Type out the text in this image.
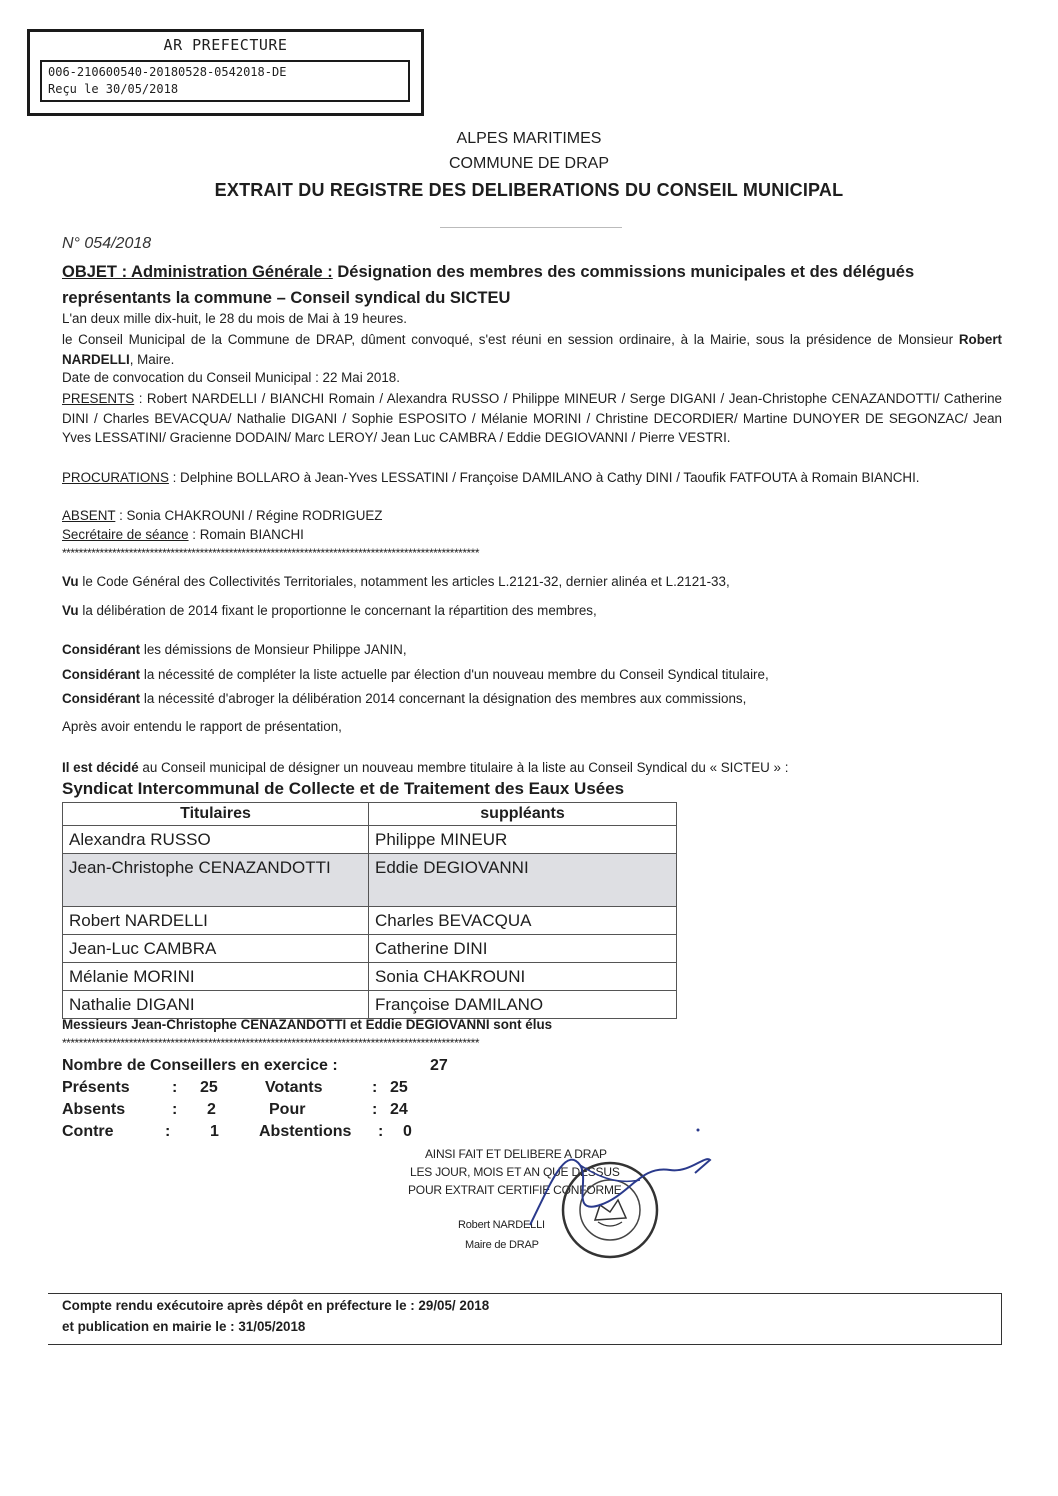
AR PREFECTURE
006-210600540-20180528-0542018-DE
Reçu le 30/05/2018
ALPES MARITIMES
COMMUNE DE DRAP
EXTRAIT DU REGISTRE DES DELIBERATIONS DU CONSEIL MUNICIPAL
N° 054/2018
OBJET : Administration Générale : Désignation des membres des commissions municipales et des délégués représentants la commune – Conseil syndical du SICTEU
L'an deux mille dix-huit, le 28 du mois de Mai à 19 heures.
le Conseil Municipal de la Commune de DRAP, dûment convoqué, s'est réuni en session ordinaire, à la Mairie, sous la présidence de Monsieur Robert NARDELLI, Maire.
Date de convocation du Conseil Municipal : 22 Mai 2018.
PRESENTS : Robert NARDELLI / BIANCHI Romain / Alexandra RUSSO / Philippe MINEUR / Serge DIGANI / Jean-Christophe CENAZANDOTTI/ Catherine DINI / Charles BEVACQUA/ Nathalie DIGANI / Sophie ESPOSITO / Mélanie MORINI / Christine DECORDIER/ Martine DUNOYER DE SEGONZAC/ Jean Yves LESSATINI/ Gracienne DODAIN/ Marc LEROY/ Jean Luc CAMBRA / Eddie DEGIOVANNI / Pierre VESTRI.
PROCURATIONS : Delphine BOLLARO à Jean-Yves LESSATINI / Françoise DAMILANO à Cathy DINI / Taoufik FATFOUTA à Romain BIANCHI.
ABSENT : Sonia CHAKROUNI / Régine RODRIGUEZ
Secrétaire de séance : Romain BIANCHI
****************************************************************************************************
Vu le Code Général des Collectivités Territoriales, notamment les articles L.2121-32, dernier alinéa et L.2121-33,
Vu la délibération de 2014 fixant le proportionne le concernant la répartition des membres,
Considérant les démissions de Monsieur Philippe JANIN,
Considérant la nécessité de compléter la liste actuelle par élection d'un nouveau membre du Conseil Syndical titulaire,
Considérant la nécessité d'abroger la délibération 2014 concernant la désignation des membres aux commissions,
Après avoir entendu le rapport de présentation,
Il est décidé au Conseil municipal de désigner un nouveau membre titulaire à la liste au Conseil Syndical du « SICTEU » :
Syndicat Intercommunal de Collecte et de Traitement des Eaux Usées
Titulaires	suppléants
Alexandra RUSSO	Philippe MINEUR
Jean-Christophe CENAZANDOTTI	Eddie DEGIOVANNI
Robert NARDELLI	Charles BEVACQUA
Jean-Luc CAMBRA	Catherine DINI
Mélanie MORINI	Sonia CHAKROUNI
Nathalie DIGANI	Françoise DAMILANO
Messieurs Jean-Christophe CENAZANDOTTI et Eddie DEGIOVANNI sont élus
****************************************************************************************************
Nombre de Conseillers en exercice :	27
Présents	: 25	Votants	: 25
Absents	: 2	Pour	: 24
Contre	: 1	Abstentions : 0
AINSI FAIT ET DELIBERE A DRAP
LES JOUR, MOIS ET AN QUE DESSUS
POUR EXTRAIT CERTIFIE CONFORME
Robert NARDELLI
Maire de DRAP
Compte rendu exécutoire après dépôt en préfecture le : 29/05/ 2018
et publication en mairie le : 31/05/2018
